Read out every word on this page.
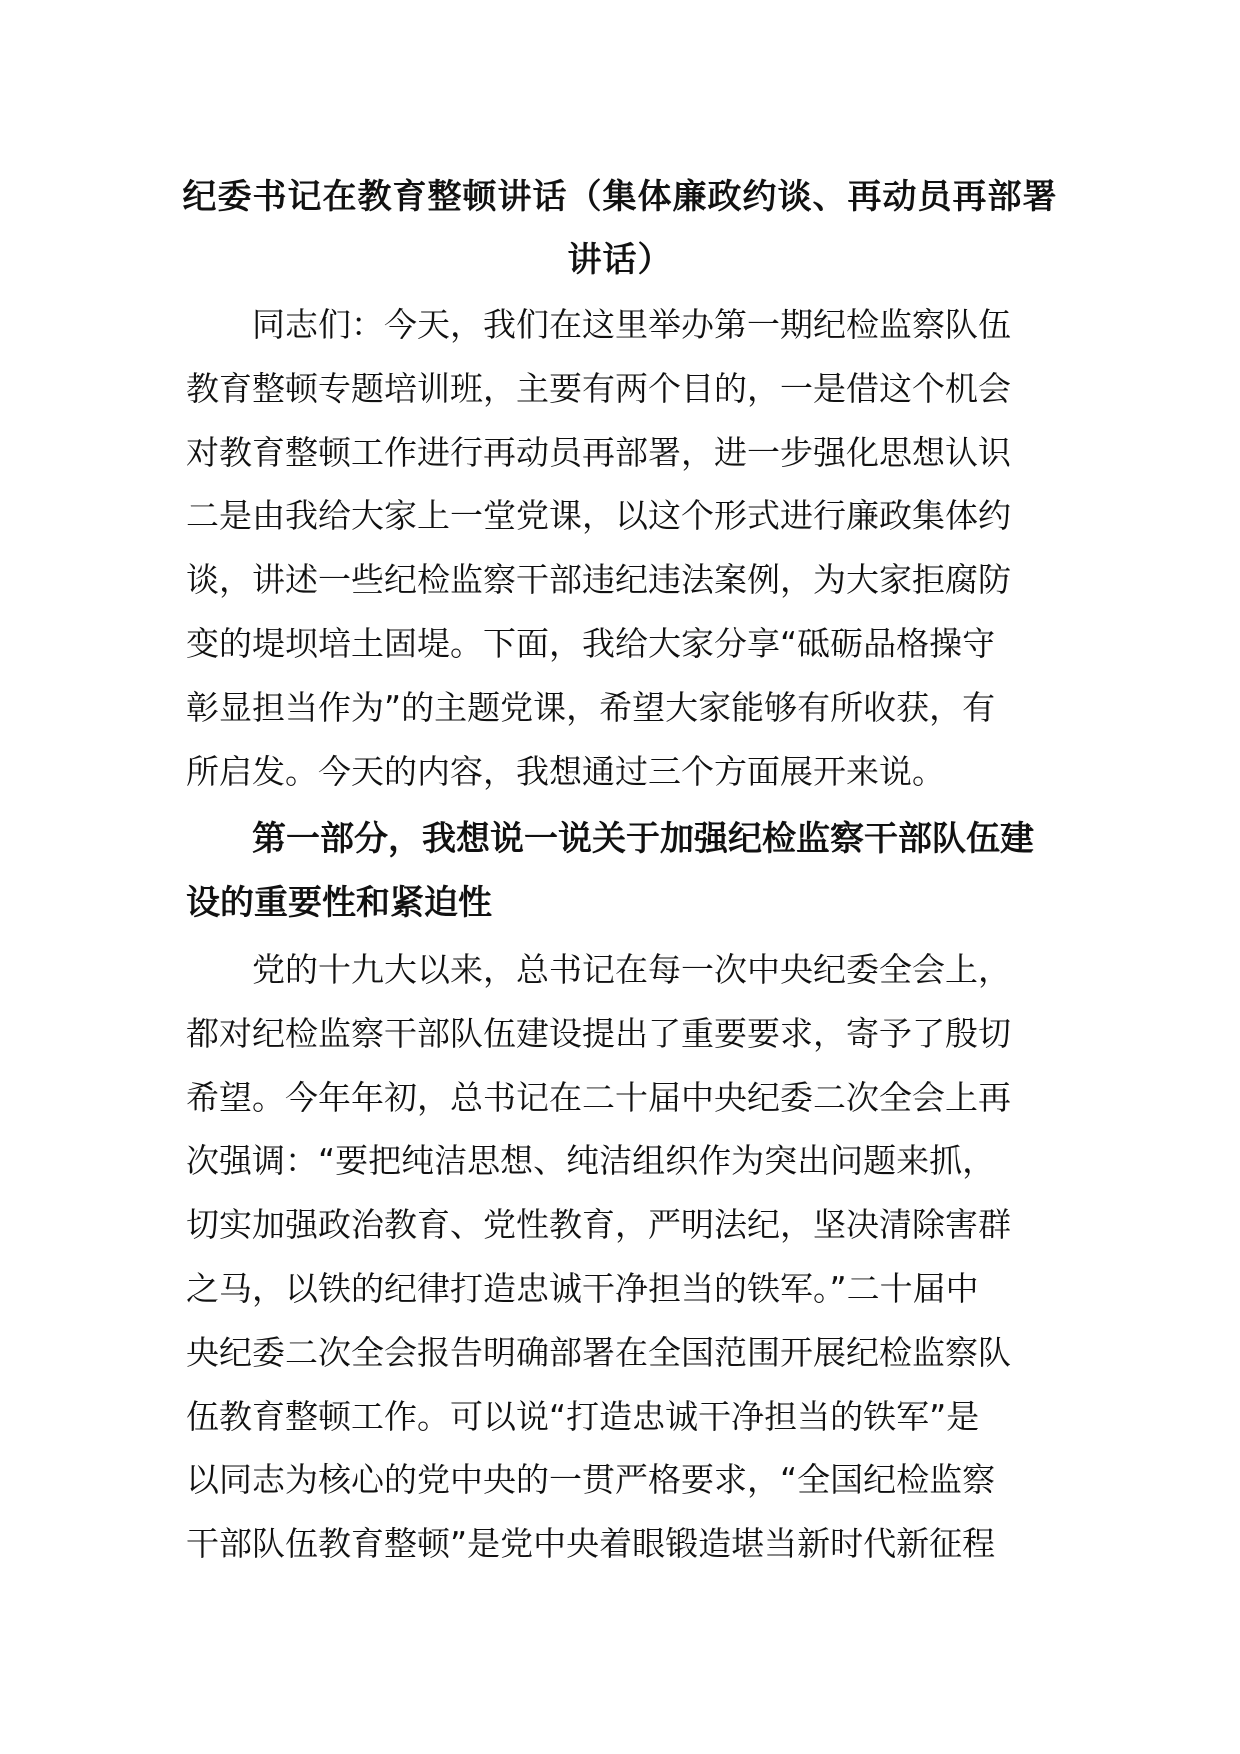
纪委书记在教育整顿讲话（集体廉政约谈、再动员再部署
讲话）
同志们：今天，我们在这里举办第一期纪检监察队伍
教育整顿专题培训班，主要有两个目的，一是借这个机会
对教育整顿工作进行再动员再部署，进一步强化思想认识
二是由我给大家上一堂党课，以这个形式进行廉政集体约
谈，讲述一些纪检监察干部违纪违法案例，为大家拒腐防
变的堤坝培土固堤。下面，我给大家分享“砥砺品格操守
彰显担当作为”的主题党课，希望大家能够有所收获，有
所启发。今天的内容，我想通过三个方面展开来说。
第一部分，我想说一说关于加强纪检监察干部队伍建
设的重要性和紧迫性
党的十九大以来，总书记在每一次中央纪委全会上，
都对纪检监察干部队伍建设提出了重要要求，寄予了殷切
希望。今年年初，总书记在二十届中央纪委二次全会上再
次强调：“要把纯洁思想、纯洁组织作为突出问题来抓，
切实加强政治教育、党性教育，严明法纪，坚决清除害群
之马，以铁的纪律打造忠诚干净担当的铁军。”二十届中
央纪委二次全会报告明确部署在全国范围开展纪检监察队
伍教育整顿工作。可以说“打造忠诚干净担当的铁军”是
以同志为核心的党中央的一贯严格要求，“全国纪检监察
干部队伍教育整顿”是党中央着眼锻造堪当新时代新征程
